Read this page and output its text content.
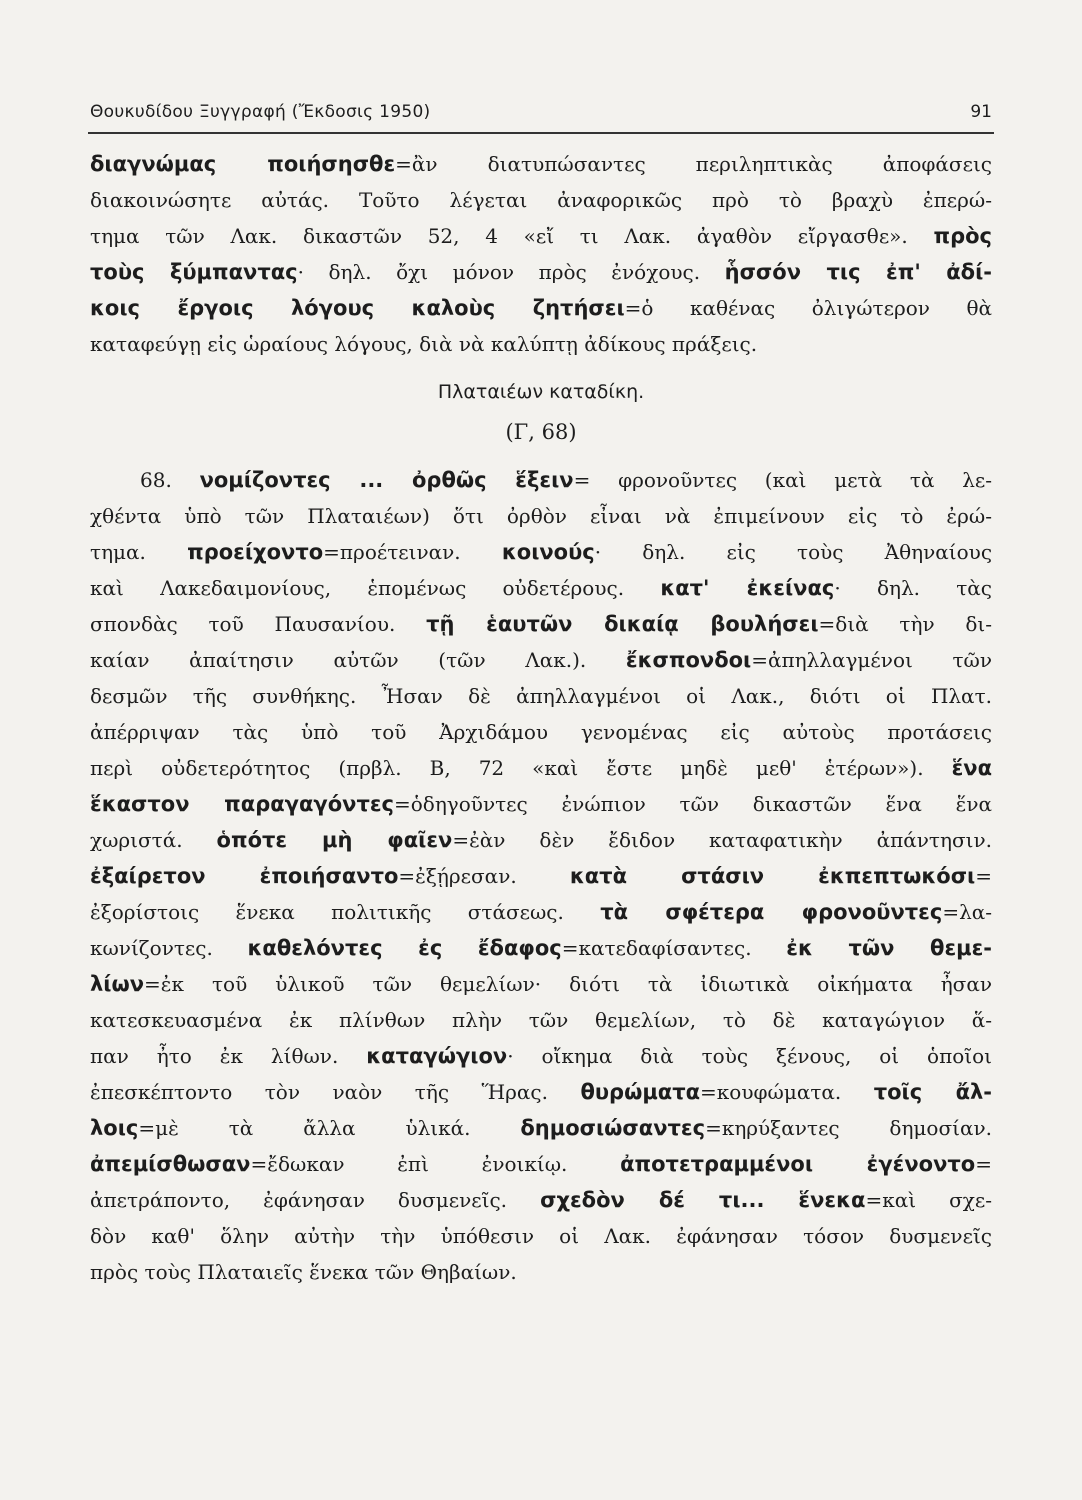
Θουκυδίδου Ξυγγραφή (Ἔκδοσις 1950)	91

διαγνώμας ποιήσησθε=ἂν διατυπώσαντες περιληπτικὰς ἀποφάσεις
διακοινώσητε αὐτάς. Τοῦτο λέγεται ἀναφορικῶς πρὸ τὸ βραχὺ ἐπερώ-
τημα τῶν Λακ. δικαστῶν 52, 4 «εἴ τι Λακ. ἀγαθὸν εἴργασθε». πρὸς
τοὺς ξύμπαντας· δηλ. ὄχι μόνον πρὸς ἐνόχους. ἧσσόν τις ἐπ' ἀδί-
κοις ἔργοις λόγους καλοὺς ζητήσει=ὁ καθένας ὀλιγώτερον θὰ
καταφεύγῃ εἰς ὡραίους λόγους, διὰ νὰ καλύπτῃ ἀδίκους πράξεις.

Πλαταιέων καταδίκη.
(Γ, 68)

68. νομίζοντες ... ὀρθῶς ἕξειν= φρονοῦντες (καὶ μετὰ τὰ λε-
χθέντα ὑπὸ τῶν Πλαταιέων) ὅτι ὀρθὸν εἶναι νὰ ἐπιμείνουν εἰς τὸ ἐρώ-
τημα. προείχοντο=προέτειναν. κοινούς· δηλ. εἰς τοὺς Ἀθηναίους
καὶ Λακεδαιμονίους, ἑπομένως οὐδετέρους. κατ' ἐκείνας· δηλ. τὰς
σπονδὰς τοῦ Παυσανίου. τῇ ἑαυτῶν δικαίᾳ βουλήσει=διὰ τὴν δι-
καίαν ἀπαίτησιν αὐτῶν (τῶν Λακ.). ἔκσπονδοι=ἀπηλλαγμένοι τῶν
δεσμῶν τῆς συνθήκης. Ἦσαν δὲ ἀπηλλαγμένοι οἱ Λακ., διότι οἱ Πλατ.
ἀπέρριψαν τὰς ὑπὸ τοῦ Ἀρχιδάμου γενομένας εἰς αὐτοὺς προτάσεις
περὶ οὐδετερότητος (πρβλ. Β, 72 «καὶ ἔστε μηδὲ μεθ' ἑτέρων»). ἕνα
ἕκαστον παραγαγόντες=ὁδηγοῦντες ἐνώπιον τῶν δικαστῶν ἕνα ἕνα
χωριστά. ὁπότε μὴ φαῖεν=ἐὰν δὲν ἔδιδον καταφατικὴν ἀπάντησιν.
ἐξαίρετον ἐποιήσαντο=ἐξῄρεσαν.	κατὰ στάσιν ἐκπεπτωκόσι=
ἐξορίστοις ἕνεκα πολιτικῆς στάσεως. τὰ σφέτερα φρονοῦντες=λα-
κωνίζοντες. καθελόντες ἐς ἔδαφος=κατεδαφίσαντες. ἐκ τῶν θεμε-
λίων=ἐκ τοῦ ὑλικοῦ τῶν θεμελίων· διότι τὰ ἰδιωτικὰ οἰκήματα ἦσαν
κατεσκευασμένα ἐκ πλίνθων πλὴν τῶν θεμελίων, τὸ δὲ καταγώγιον ἅ-
παν ἦτο ἐκ λίθων. καταγώγιον· οἴκημα διὰ τοὺς ξένους, οἱ ὁποῖοι
ἐπεσκέπτοντο τὸν ναὸν τῆς Ἥρας. θυρώματα=κουφώματα. τοῖς ἄλ-
λοις=μὲ τὰ ἄλλα ὑλικά. δημοσιώσαντες=κηρύξαντες δημοσίαν.
ἀπεμίσθωσαν=ἔδωκαν ἐπὶ ἐνοικίῳ.	ἀποτετραμμένοι ἐγένοντο=
ἀπετράποντο, ἐφάνησαν δυσμενεῖς. σχεδὸν δέ τι... ἕνεκα=καὶ σχε-
δὸν καθ' ὅλην αὐτὴν τὴν ὑπόθεσιν οἱ Λακ. ἐφάνησαν τόσον δυσμενεῖς
πρὸς τοὺς Πλαταιεῖς ἕνεκα τῶν Θηβαίων.
